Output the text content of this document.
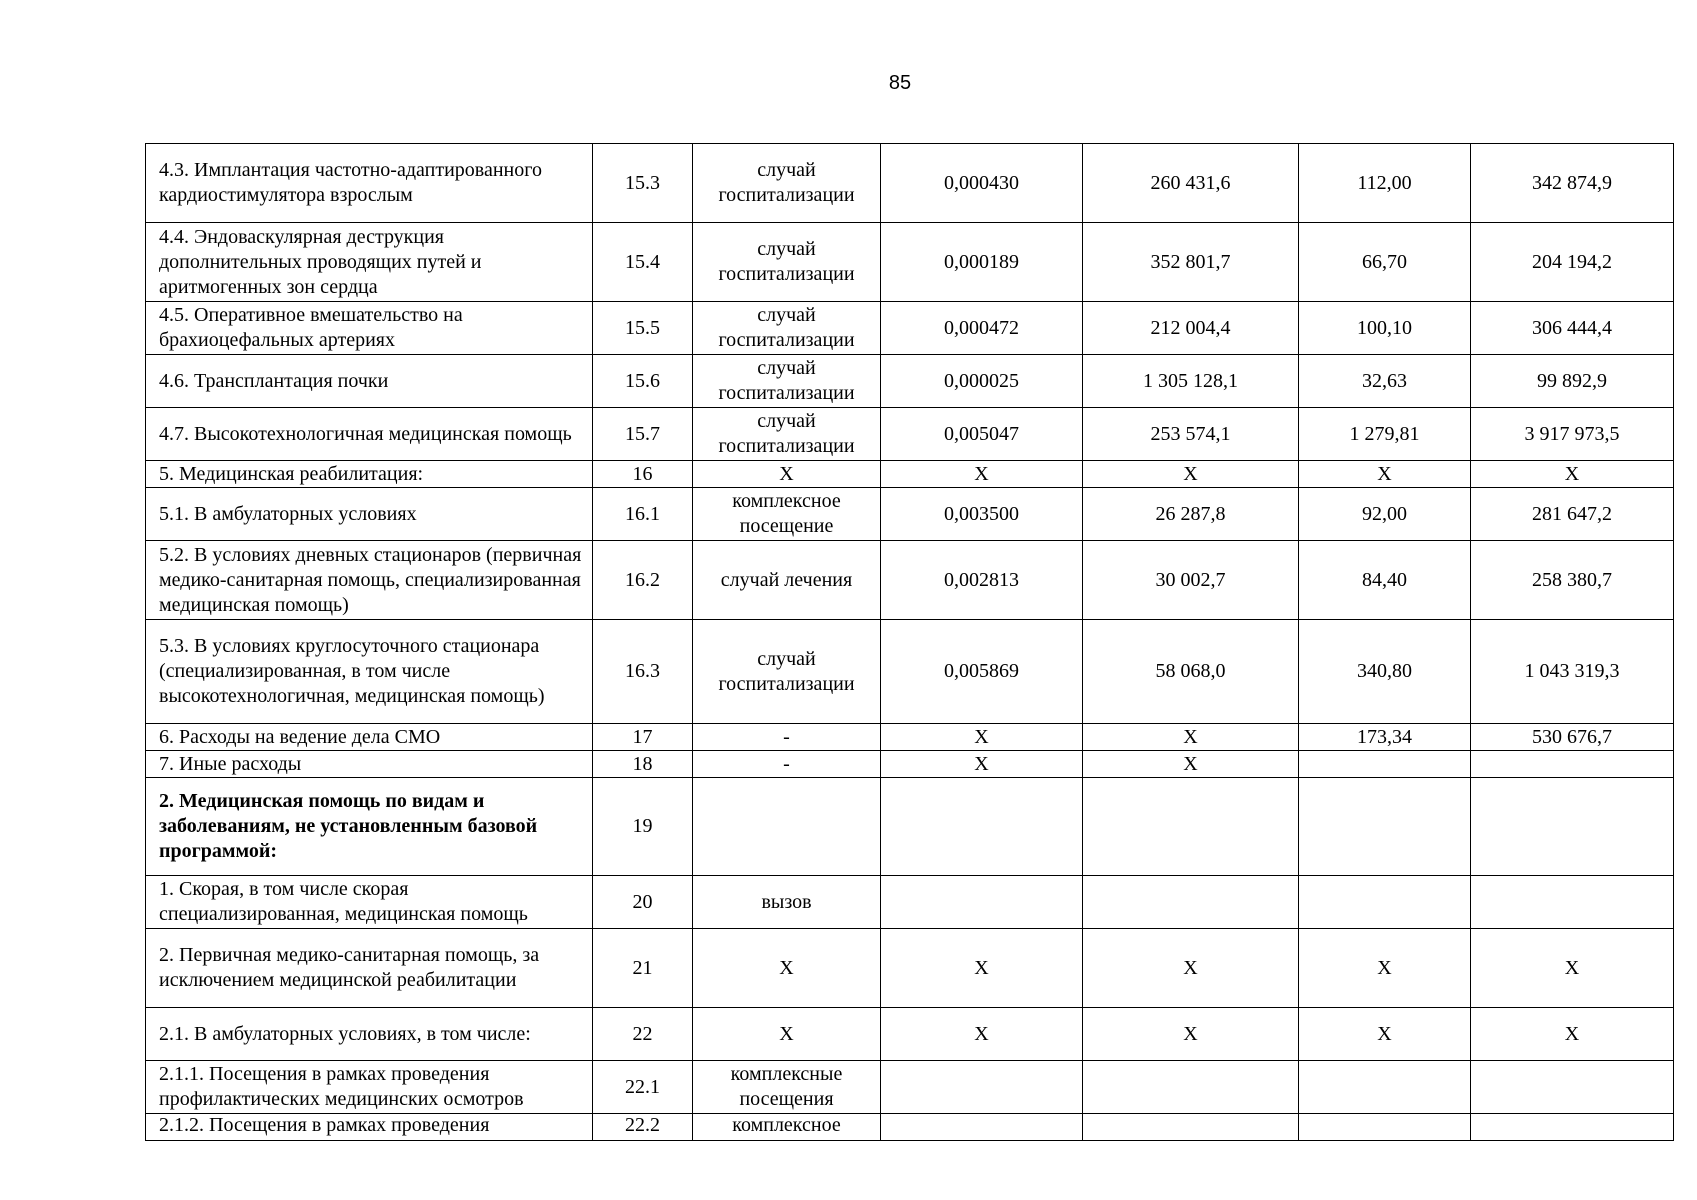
85
4.3. Имплантация частотно-адаптированного кардиостимулятора взрослым	15.3	случай госпитализации	0,000430	260 431,6	112,00	342 874,9
4.4. Эндоваскулярная деструкция дополнительных проводящих путей и аритмогенных зон сердца	15.4	случай госпитализации	0,000189	352 801,7	66,70	204 194,2
4.5. Оперативное вмешательство на брахиоцефальных артериях	15.5	случай госпитализации	0,000472	212 004,4	100,10	306 444,4
4.6. Трансплантация почки	15.6	случай госпитализации	0,000025	1 305 128,1	32,63	99 892,9
4.7. Высокотехнологичная медицинская помощь	15.7	случай госпитализации	0,005047	253 574,1	1 279,81	3 917 973,5
5. Медицинская реабилитация:	16	Х	Х	Х	Х	Х
5.1. В амбулаторных условиях	16.1	комплексное посещение	0,003500	26 287,8	92,00	281 647,2
5.2. В условиях дневных стационаров (первичная медико-санитарная помощь, специализированная медицинская помощь)	16.2	случай лечения	0,002813	30 002,7	84,40	258 380,7
5.3. В условиях круглосуточного стационара (специализированная, в том числе высокотехнологичная, медицинская помощь)	16.3	случай госпитализации	0,005869	58 068,0	340,80	1 043 319,3
6. Расходы на ведение дела СМО	17	-	Х	Х	173,34	530 676,7
7. Иные расходы	18	-	Х	Х		
2. Медицинская помощь по видам и заболеваниям, не установленным базовой программой:	19					
1. Скорая, в том числе скорая специализированная, медицинская помощь	20	вызов				
2. Первичная медико-санитарная помощь, за исключением медицинской реабилитации	21	Х	Х	Х	Х	Х
2.1. В амбулаторных условиях, в том числе:	22	Х	Х	Х	Х	Х
2.1.1. Посещения в рамках проведения профилактических медицинских осмотров	22.1	комплексные посещения				
2.1.2. Посещения в рамках проведения	22.2	комплексное				
